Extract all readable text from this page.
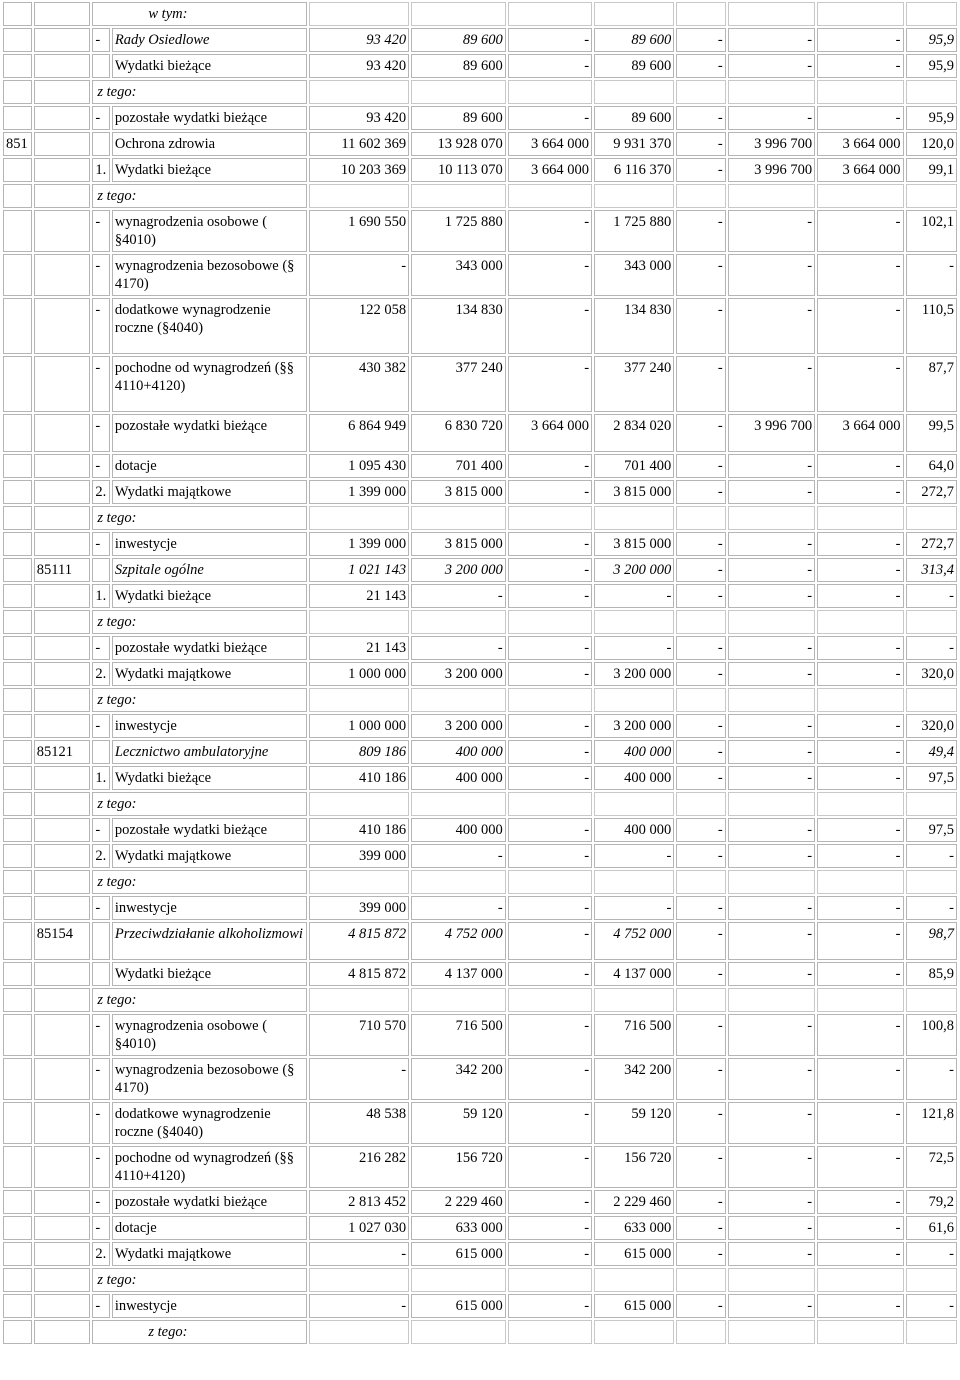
		w tym:									
		-	Rady Osiedlowe	93 420	89 600	-	89 600	-	-	-	95,9
			Wydatki bieżące	93 420	89 600	-	89 600	-	-	-	95,9
		z tego:									
		-	pozostałe wydatki bieżące	93 420	89 600	-	89 600	-	-	-	95,9
851			Ochrona zdrowia	11 602 369	13 928 070	3 664 000	9 931 370	-	3 996 700	3 664 000	120,0
		1.	Wydatki bieżące	10 203 369	10 113 070	3 664 000	6 116 370	-	3 996 700	3 664 000	99,1
		z tego:									
		-	wynagrodzenia osobowe ( §4010)	1 690 550	1 725 880	-	1 725 880	-	-	-	102,1
		-	wynagrodzenia bezosobowe (§ 4170)	-	343 000	-	343 000	-	-	-	-
		-	dodatkowe wynagrodzenie roczne (§4040)	122 058	134 830	-	134 830	-	-	-	110,5
		-	pochodne od wynagrodzeń (§§ 4110+4120)	430 382	377 240	-	377 240	-	-	-	87,7
		-	pozostałe wydatki bieżące	6 864 949	6 830 720	3 664 000	2 834 020	-	3 996 700	3 664 000	99,5
		-	dotacje	1 095 430	701 400	-	701 400	-	-	-	64,0
		2.	Wydatki majątkowe	1 399 000	3 815 000	-	3 815 000	-	-	-	272,7
		z tego:									
		-	inwestycje	1 399 000	3 815 000	-	3 815 000	-	-	-	272,7
	85111		Szpitale ogólne	1 021 143	3 200 000	-	3 200 000	-	-	-	313,4
		1.	Wydatki bieżące	21 143	-	-	-	-	-	-	-
		z tego:									
		-	pozostałe wydatki bieżące	21 143	-	-	-	-	-	-	-
		2.	Wydatki majątkowe	1 000 000	3 200 000	-	3 200 000	-	-	-	320,0
		z tego:									
		-	inwestycje	1 000 000	3 200 000	-	3 200 000	-	-	-	320,0
	85121		Lecznictwo ambulatoryjne	809 186	400 000	-	400 000	-	-	-	49,4
		1.	Wydatki bieżące	410 186	400 000	-	400 000	-	-	-	97,5
		z tego:									
		-	pozostałe wydatki bieżące	410 186	400 000	-	400 000	-	-	-	97,5
		2.	Wydatki majątkowe	399 000	-	-	-	-	-	-	-
		z tego:									
		-	inwestycje	399 000	-	-	-	-	-	-	-
	85154		Przeciwdziałanie alkoholizmowi	4 815 872	4 752 000	-	4 752 000	-	-	-	98,7
			Wydatki bieżące	4 815 872	4 137 000	-	4 137 000	-	-	-	85,9
		z tego:									
		-	wynagrodzenia osobowe ( §4010)	710 570	716 500	-	716 500	-	-	-	100,8
		-	wynagrodzenia bezosobowe (§ 4170)	-	342 200	-	342 200	-	-	-	-
		-	dodatkowe wynagrodzenie roczne (§4040)	48 538	59 120	-	59 120	-	-	-	121,8
		-	pochodne od wynagrodzeń (§§ 4110+4120)	216 282	156 720	-	156 720	-	-	-	72,5
		-	pozostałe wydatki bieżące	2 813 452	2 229 460	-	2 229 460	-	-	-	79,2
		-	dotacje	1 027 030	633 000	-	633 000	-	-	-	61,6
		2.	Wydatki majątkowe	-	615 000	-	615 000	-	-	-	-
		z tego:									
		-	inwestycje	-	615 000	-	615 000	-	-	-	-
		z tego:									
